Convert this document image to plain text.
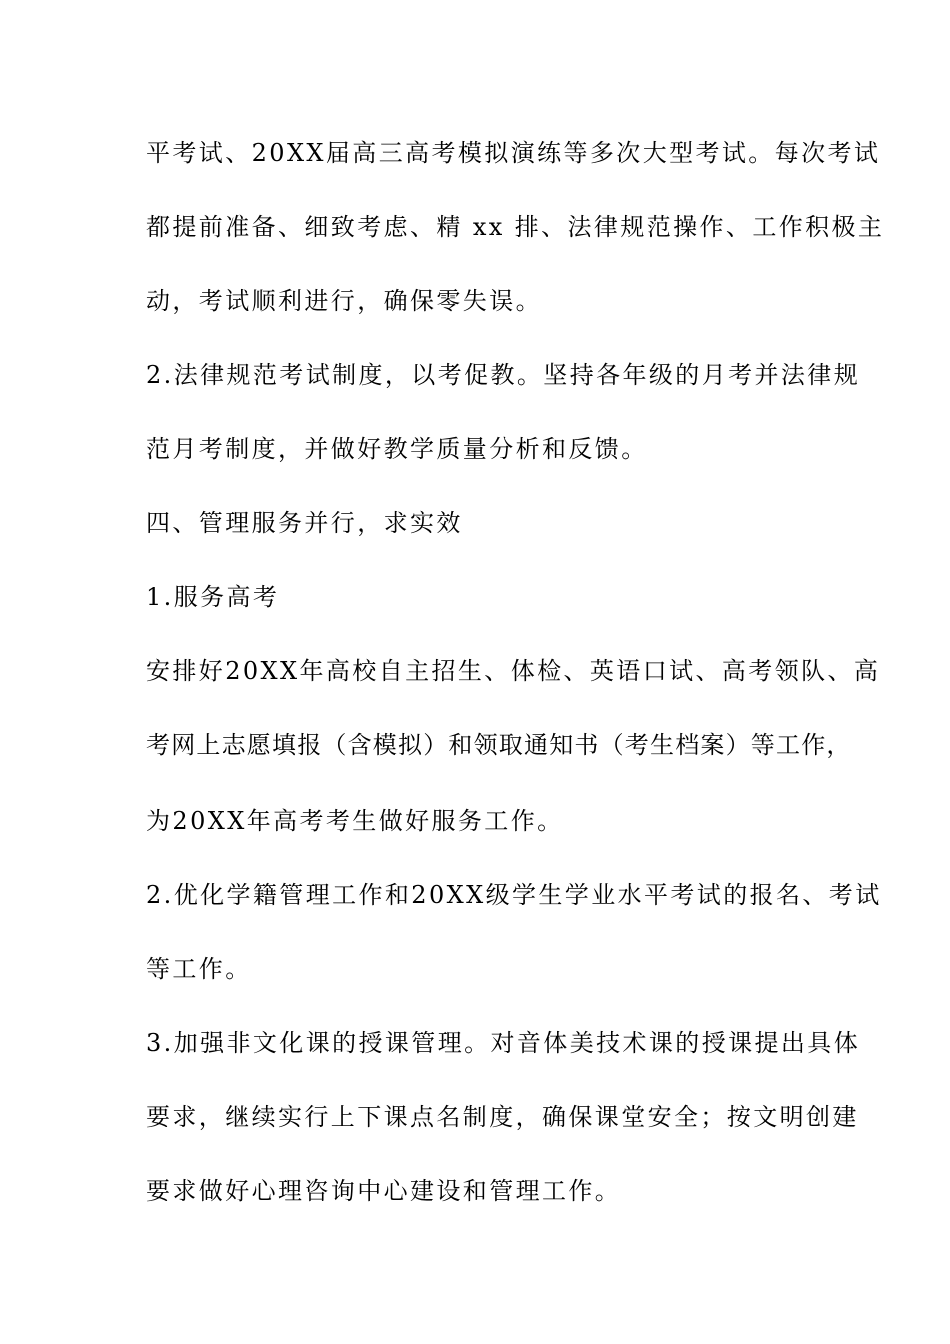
平考试、20XX届高三高考模拟演练等多次大型考试。每次考试
都提前准备、细致考虑、精 xx 排、法律规范操作、工作积极主
动，考试顺利进行，确保零失误。
2.法律规范考试制度，以考促教。坚持各年级的月考并法律规
范月考制度，并做好教学质量分析和反馈。
四、管理服务并行，求实效
1.服务高考
安排好20XX年高校自主招生、体检、英语口试、高考领队、高
考网上志愿填报（含模拟）和领取通知书（考生档案）等工作，
为20XX年高考考生做好服务工作。
2.优化学籍管理工作和20XX级学生学业水平考试的报名、考试
等工作。
3.加强非文化课的授课管理。对音体美技术课的授课提出具体
要求，继续实行上下课点名制度，确保课堂安全；按文明创建
要求做好心理咨询中心建设和管理工作。
